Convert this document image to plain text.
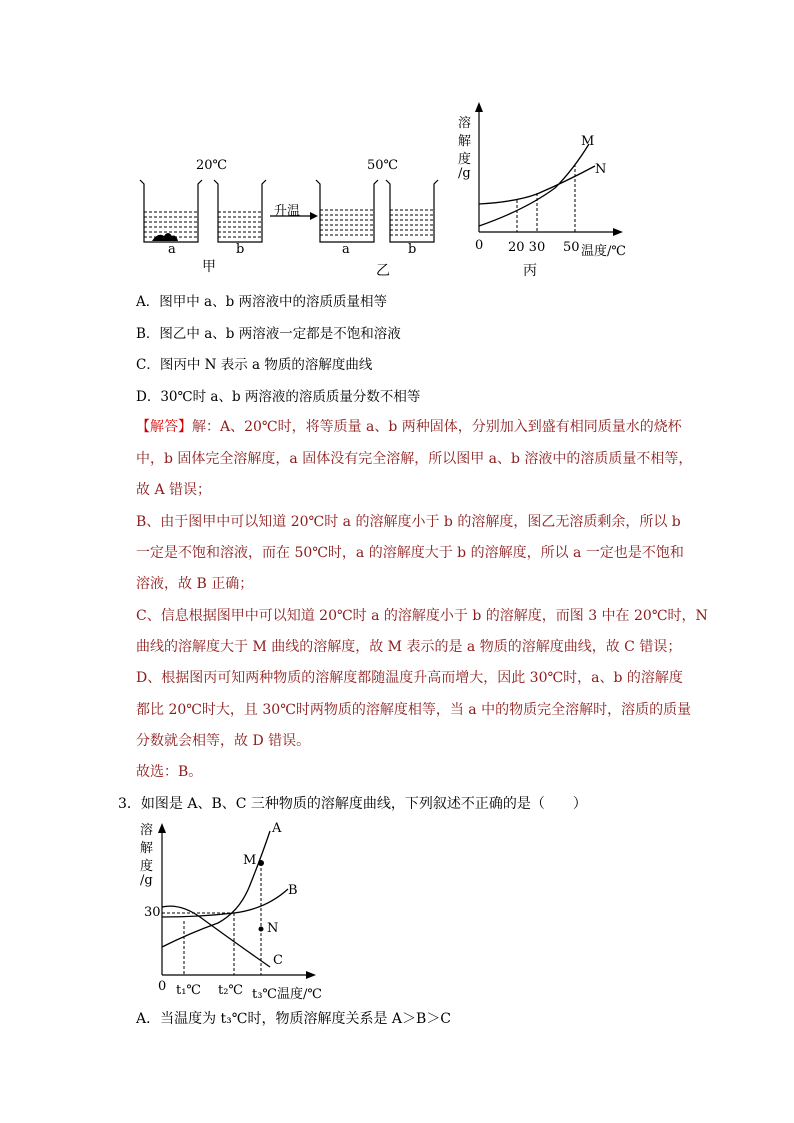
20℃	50℃
升温
a	b	a	b
甲	乙
溶
解
度
/g
0 20 30 50 温度/℃
M
N
丙
A．图甲中 a、b 两溶液中的溶质质量相等
B．图乙中 a、b 两溶液一定都是不饱和溶液
C．图丙中 N 表示 a 物质的溶解度曲线
D．30℃时 a、b 两溶液的溶质质量分数不相等
【解答】解：A、20℃时，将等质量 a、b 两种固体，分别加入到盛有相同质量水的烧杯
中，b 固体完全溶解度，a 固体没有完全溶解，所以图甲 a、b 溶液中的溶质质量不相等，
故 A 错误；
B、由于图甲中可以知道 20℃时 a 的溶解度小于 b 的溶解度，图乙无溶质剩余，所以 b
一定是不饱和溶液，而在 50℃时，a 的溶解度大于 b 的溶解度，所以 a 一定也是不饱和
溶液，故 B 正确；
C、信息根据图甲中可以知道 20℃时 a 的溶解度小于 b 的溶解度，而图 3 中在 20℃时，N
曲线的溶解度大于 M 曲线的溶解度，故 M 表示的是 a 物质的溶解度曲线，故 C 错误；
D、根据图丙可知两种物质的溶解度都随温度升高而增大，因此 30℃时，a、b 的溶解度
都比 20℃时大，且 30℃时两物质的溶解度相等，当 a 中的物质完全溶解时，溶质的质量
分数就会相等，故 D 错误。
故选：B。
3．如图是 A、B、C 三种物质的溶解度曲线，下列叙述不正确的是（　　）
溶
解
度
/g
30
0 t₁℃ t₂℃ t₃℃温度/℃
A
B
C
M
N
A．当温度为 t₃℃时，物质溶解度关系是 A＞B＞C
